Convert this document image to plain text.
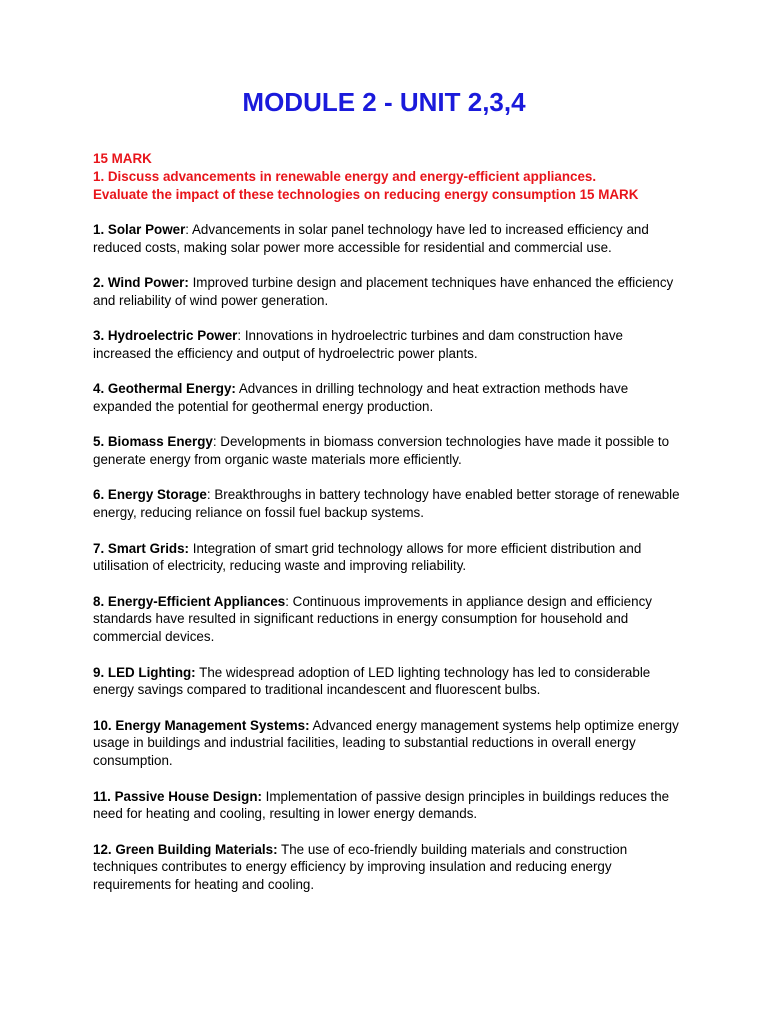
MODULE 2 - UNIT 2,3,4
15 MARK
1. Discuss advancements in renewable energy and energy-efficient appliances.
Evaluate the impact of these technologies on reducing energy consumption 15 MARK

1. Solar Power: Advancements in solar panel technology have led to increased efficiency and reduced costs, making solar power more accessible for residential and commercial use.

2. Wind Power: Improved turbine design and placement techniques have enhanced the efficiency and reliability of wind power generation.

3. Hydroelectric Power: Innovations in hydroelectric turbines and dam construction have increased the efficiency and output of hydroelectric power plants.

4. Geothermal Energy: Advances in drilling technology and heat extraction methods have expanded the potential for geothermal energy production.

5. Biomass Energy: Developments in biomass conversion technologies have made it possible to generate energy from organic waste materials more efficiently.

6. Energy Storage: Breakthroughs in battery technology have enabled better storage of renewable energy, reducing reliance on fossil fuel backup systems.

7. Smart Grids: Integration of smart grid technology allows for more efficient distribution and utilisation of electricity, reducing waste and improving reliability.

8. Energy-Efficient Appliances: Continuous improvements in appliance design and efficiency standards have resulted in significant reductions in energy consumption for household and commercial devices.

9. LED Lighting: The widespread adoption of LED lighting technology has led to considerable energy savings compared to traditional incandescent and fluorescent bulbs.

10. Energy Management Systems: Advanced energy management systems help optimize energy usage in buildings and industrial facilities, leading to substantial reductions in overall energy consumption.

11. Passive House Design: Implementation of passive design principles in buildings reduces the need for heating and cooling, resulting in lower energy demands.

12. Green Building Materials: The use of eco-friendly building materials and construction techniques contributes to energy efficiency by improving insulation and reducing energy requirements for heating and cooling.
